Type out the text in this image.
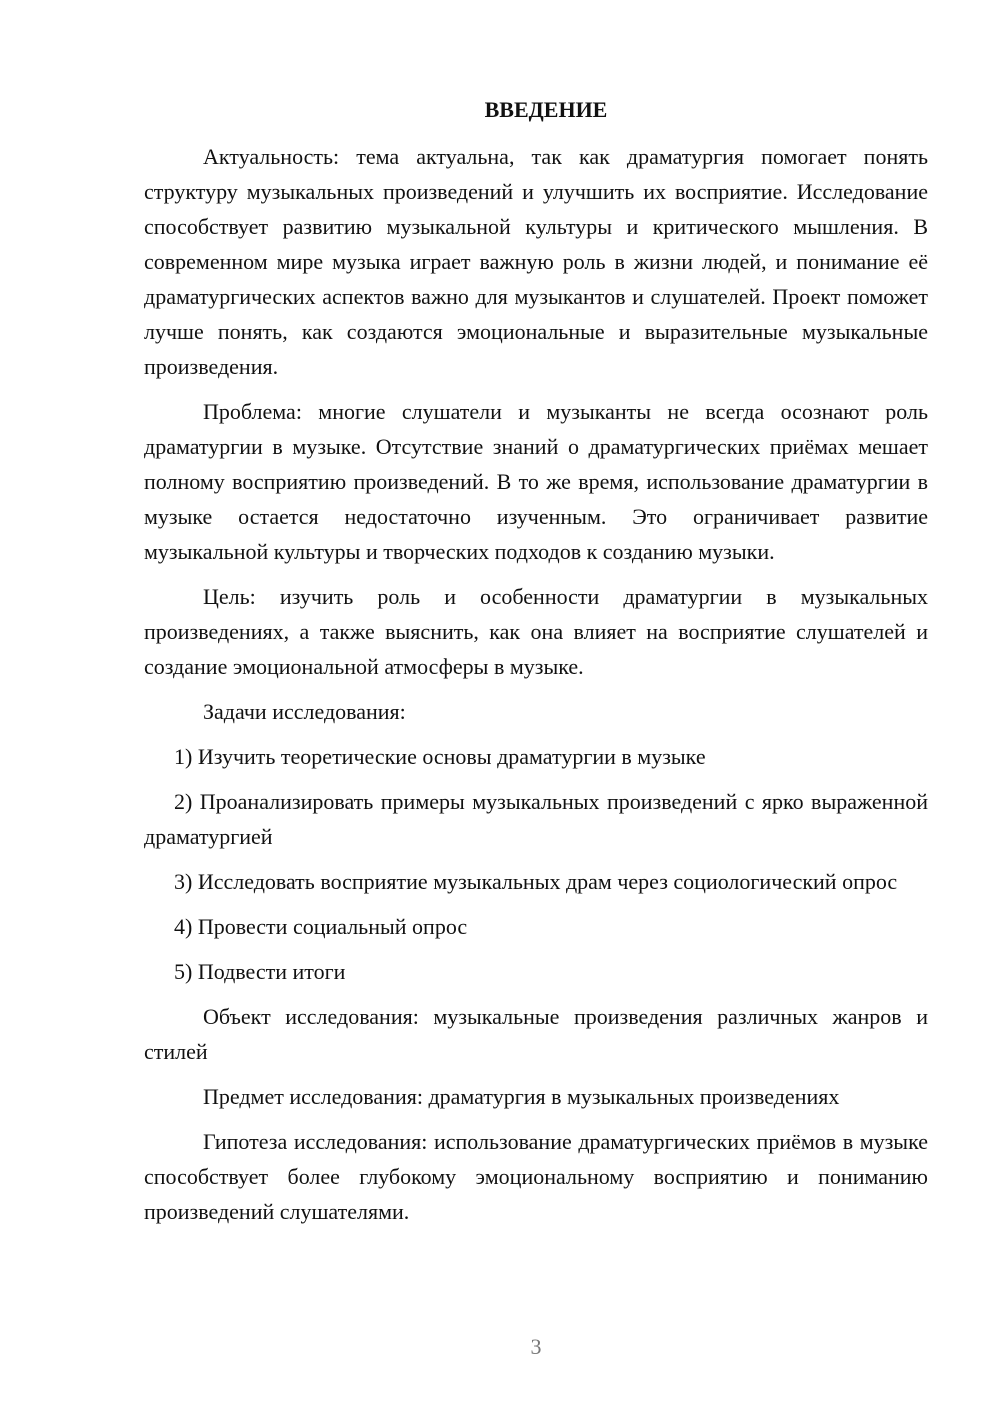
ВВЕДЕНИЕ

Актуальность: тема актуальна, так как драматургия помогает понять структуру музыкальных произведений и улучшить их восприятие. Исследование способствует развитию музыкальной культуры и критического мышления. В современном мире музыка играет важную роль в жизни людей, и понимание её драматургических аспектов важно для музыкантов и слушателей. Проект поможет лучше понять, как создаются эмоциональные и выразительные музыкальные произведения.

Проблема: многие слушатели и музыканты не всегда осознают роль драматургии в музыке. Отсутствие знаний о драматургических приёмах мешает полному восприятию произведений. В то же время, использование драматургии в музыке остается недостаточно изученным. Это ограничивает развитие музыкальной культуры и творческих подходов к созданию музыки.

Цель: изучить роль и особенности драматургии в музыкальных произведениях, а также выяснить, как она влияет на восприятие слушателей и создание эмоциональной атмосферы в музыке.

Задачи исследования:

1) Изучить теоретические основы драматургии в музыке

2) Проанализировать примеры музыкальных произведений с ярко выраженной драматургией

3) Исследовать восприятие музыкальных драм через социологический опрос

4) Провести социальный опрос

5) Подвести итоги

Объект исследования: музыкальные произведения различных жанров и стилей

Предмет исследования: драматургия в музыкальных произведениях

Гипотеза исследования: использование драматургических приёмов в музыке способствует более глубокому эмоциональному восприятию и пониманию произведений слушателями.

3
